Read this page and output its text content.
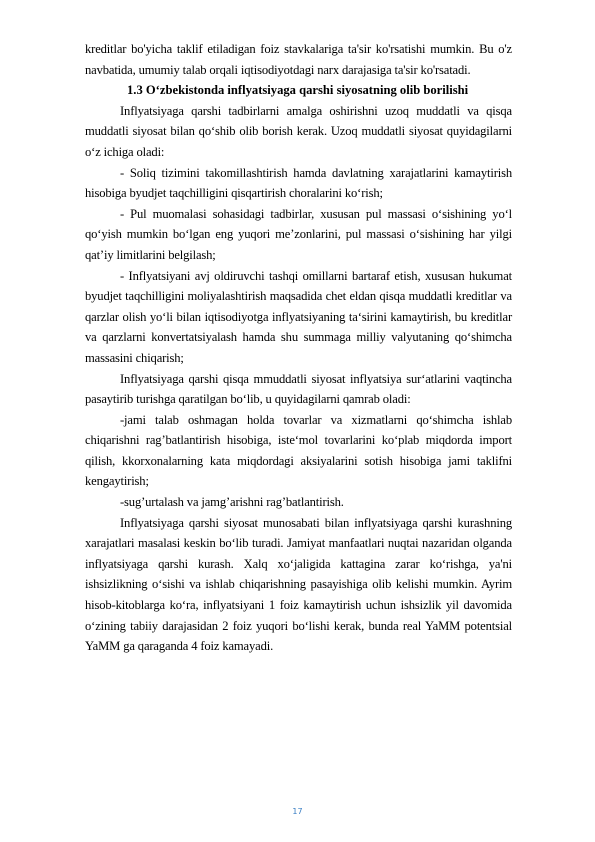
kreditlar bo'yicha taklif etiladigan foiz stavkalariga ta'sir ko'rsatishi mumkin. Bu o'z navbatida, umumiy talab orqali iqtisodiyotdagi narx darajasiga ta'sir ko'rsatadi.

1.3 O‘zbekistonda inflyatsiyaga qarshi siyosatning olib borilishi

Inflyatsiyaga qarshi tadbirlarni amalga oshirishni uzoq muddatli va qisqa muddatli siyosat bilan qo‘shib olib borish kerak. Uzoq muddatli siyosat quyidagilarni o‘z ichiga oladi:

- Soliq tizimini takomillashtirish hamda davlatning xarajatlarini kamaytirish hisobiga byudjet taqchilligini qisqartirish choralarini ko‘rish;

- Pul muomalasi sohasidagi tadbirlar, xususan pul massasi o‘sishining yo‘l qo‘yish mumkin bo‘lgan eng yuqori me’zonlarini, pul massasi o‘sishining har yilgi qat’iy limitlarini belgilash;

- Inflyatsiyani avj oldiruvchi tashqi omillarni bartaraf etish, xususan hukumat byudjet taqchilligini moliyalashtirish maqsadida chet eldan qisqa muddatli kreditlar va qarzlar olish yo‘li bilan iqtisodiyotga inflyatsiyaning ta‘sirini kamaytirish, bu kreditlar va qarzlarni konvertatsiyalash hamda shu summaga milliy valyutaning qo‘shimcha massasini chiqarish;

Inflyatsiyaga qarshi qisqa mmuddatli siyosat inflyatsiya sur‘atlarini vaqtincha pasaytirib turishga qaratilgan bo‘lib, u quyidagilarni qamrab oladi:

-jami talab oshmagan holda tovarlar va xizmatlarni qo‘shimcha ishlab chiqarishni rag’batlantirish hisobiga, iste‘mol tovarlarini ko‘plab miqdorda import qilish, kkorxonalarning kata miqdordagi aksiyalarini sotish hisobiga jami taklifni kengaytirish;

-sug’urtalash va jamg’arishni rag’batlantirish.

Inflyatsiyaga qarshi siyosat munosabati bilan inflyatsiyaga qarshi kurashning xarajatlari masalasi keskin bo‘lib turadi. Jamiyat manfaatlari nuqtai nazaridan olganda inflyatsiyaga qarshi kurash. Xalq xo‘jaligida kattagina zarar ko‘rishga, ya'ni ishsizlikning o‘sishi va ishlab chiqarishning pasayishiga olib kelishi mumkin. Ayrim hisob-kitoblarga ko‘ra, inflyatsiyani 1 foiz kamaytirish uchun ishsizlik yil davomida o‘zining tabiiy darajasidan 2 foiz yuqori bo‘lishi kerak, bunda real YaMM potentsial YaMM ga qaraganda 4 foiz kamayadi.

17
